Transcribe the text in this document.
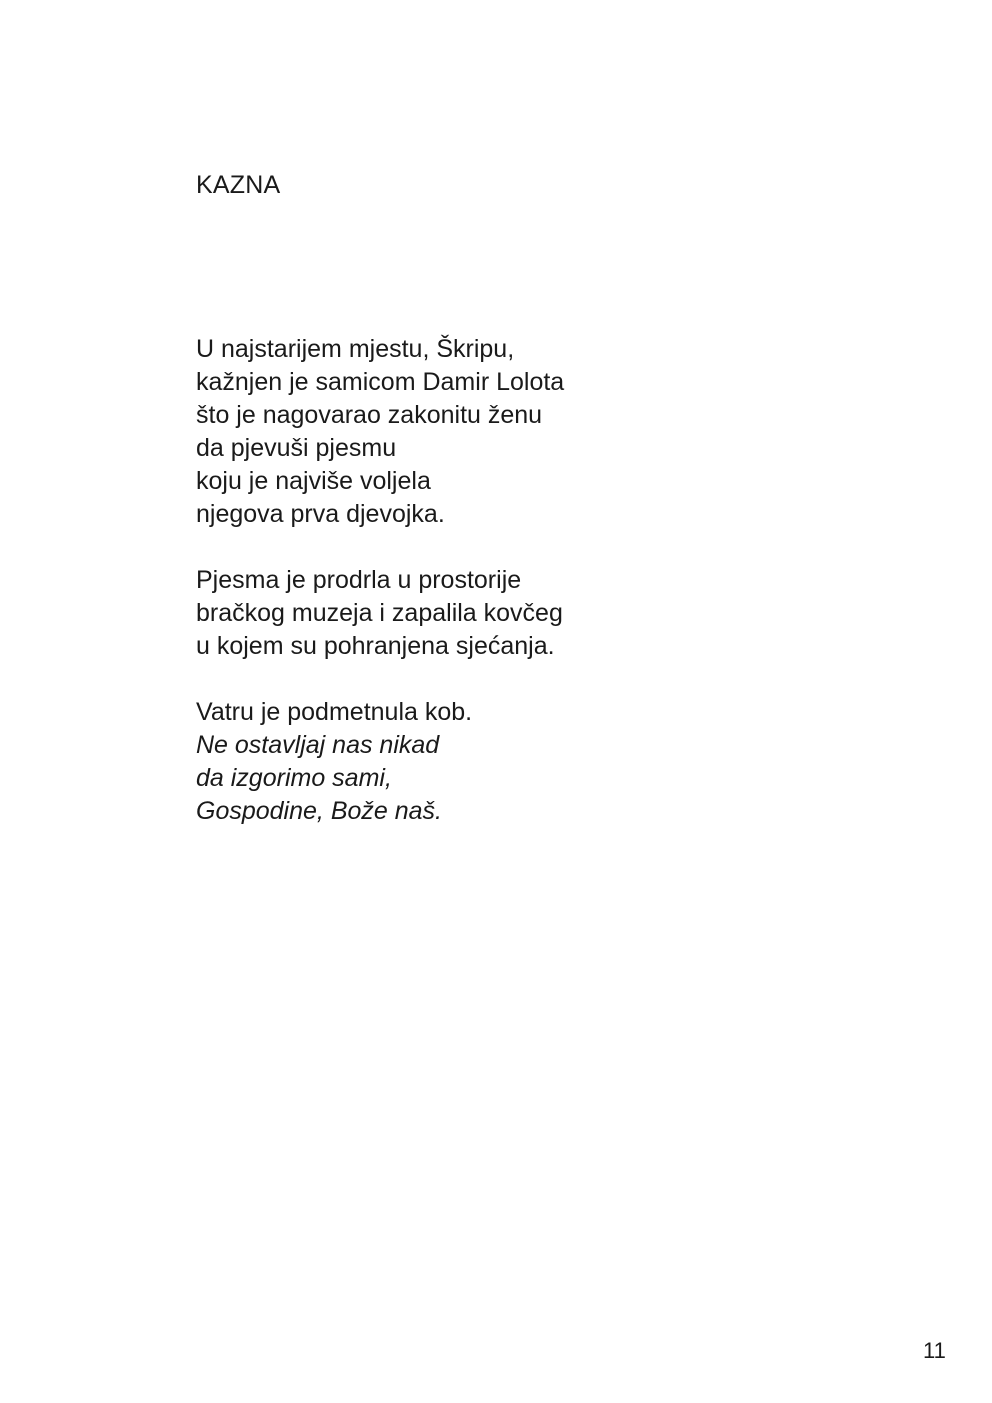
KAZNA

U najstarijem mjestu, Škripu,
kažnjen je samicom Damir Lolota
što je nagovarao zakonitu ženu
da pjevuši pjesmu
koju je najviše voljela
njegova prva djevojka.

Pjesma je prodrla u prostorije
bračkog muzeja i zapalila kovčeg
u kojem su pohranjena sjećanja.

Vatru je podmetnula kob.
Ne ostavljaj nas nikad
da izgorimo sami,
Gospodine, Bože naš.

11
